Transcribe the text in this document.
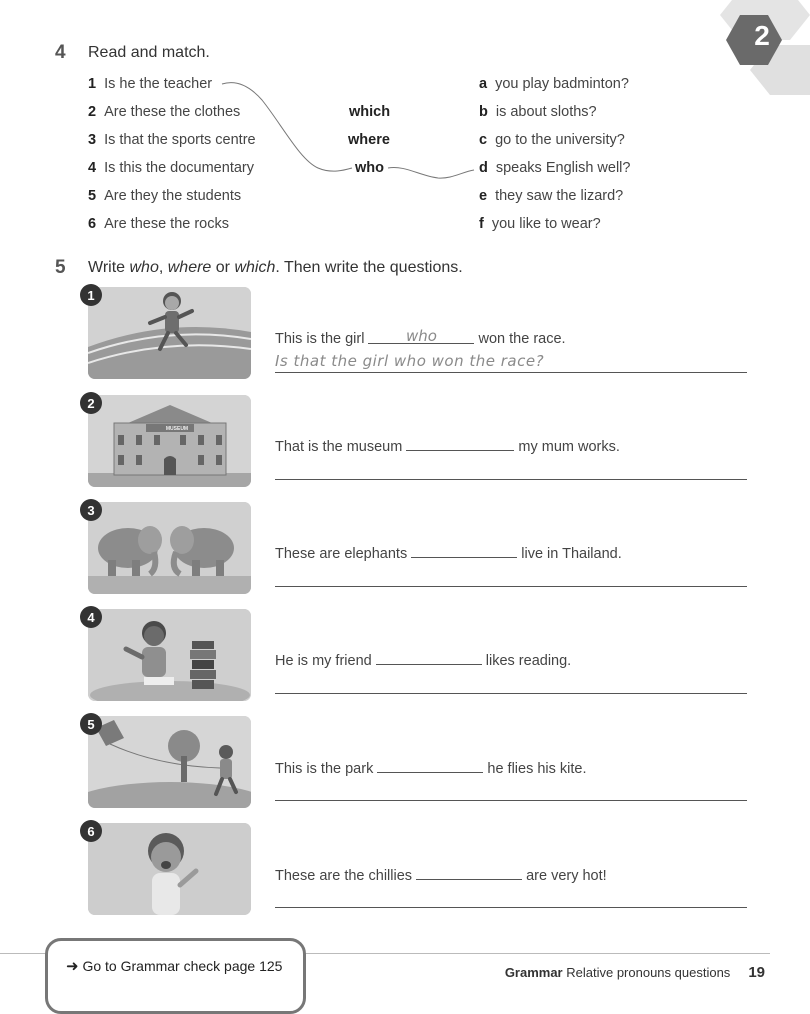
2
4 Read and match.
1 Is he the teacher
2 Are these the clothes
3 Is that the sports centre
4 Is this the documentary
5 Are they the students
6 Are these the rocks
which
where
who
a you play badminton?
b is about sloths?
c go to the university?
d speaks English well?
e they saw the lizard?
f you like to wear?
5 Write who, where or which. Then write the questions.
1
This is the girl	who	won the race.
Is that the girl who won the race?
MUSEUM
2
That is the museum	my mum works.
3
These are elephants	live in Thailand.
4
He is my friend	likes reading.
5
This is the park	he flies his kite.
6
These are the chillies	are very hot!
➜ Go to Grammar check page 125	Grammar Relative pronouns questions 19
